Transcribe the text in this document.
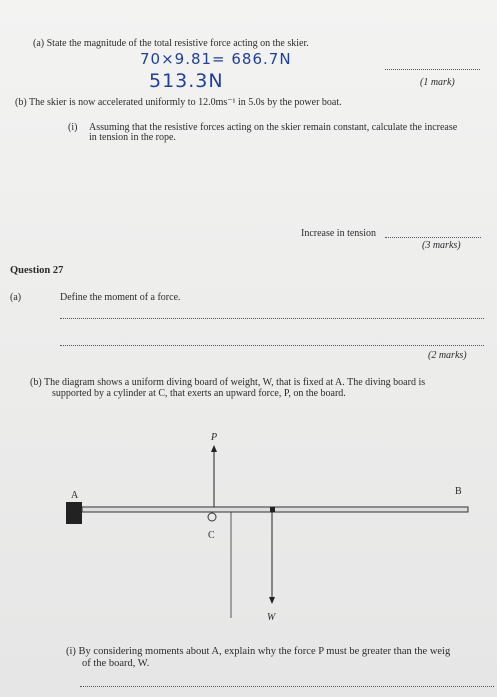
(a) State the magnitude of the total resistive force acting on the skier.
70×9.81= 686.7N
513.3N	(1 mark)
(b) The skier is now accelerated uniformly to 12.0ms⁻¹ in 5.0s by the power boat.
(i) Assuming that the resistive forces acting on the skier remain constant, calculate the increase
in tension in the rope.
Increase in tension
(3 marks)
Question 27
(a)	Define the moment of a force.
(2 marks)
(b) The diagram shows a uniform diving board of weight, W, that is fixed at A. The diving board is
supported by a cylinder at C, that exerts an upward force, P, on the board.
P
A	B
C
W
(i) By considering moments about A, explain why the force P must be greater than the weig
of the board, W.
